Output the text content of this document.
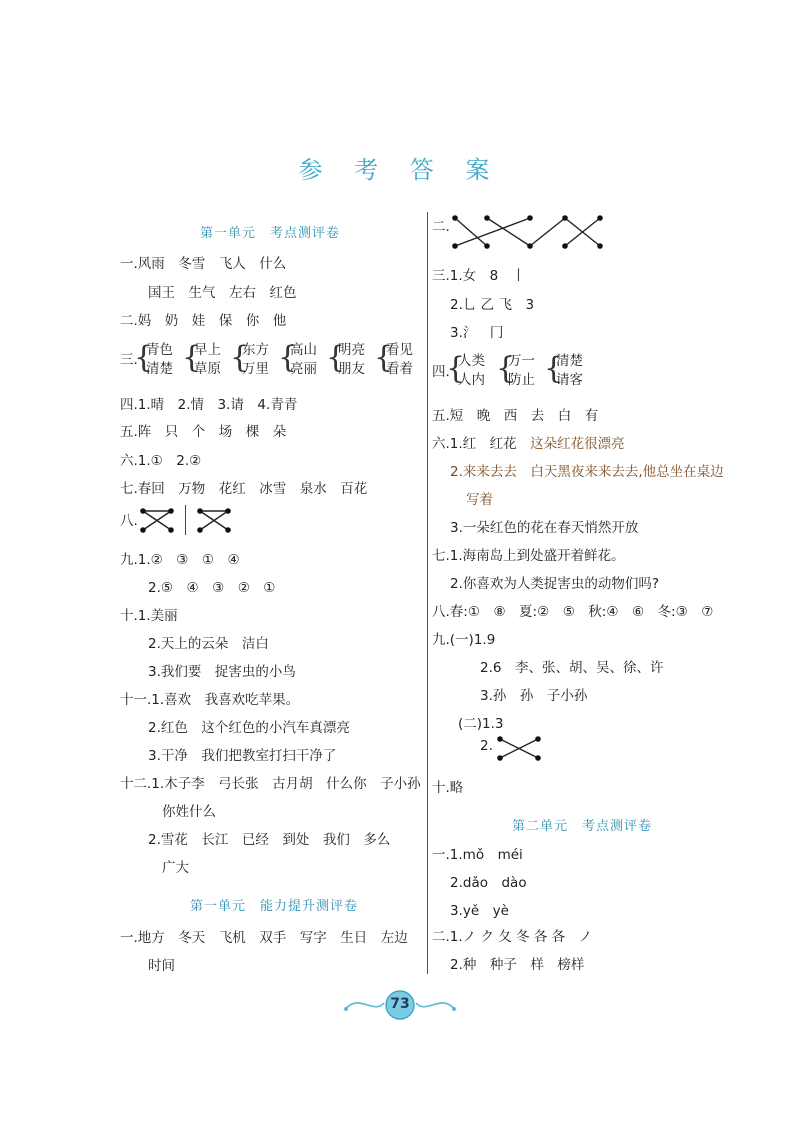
参 考 答 案
第一单元　考点测评卷
一.风雨　冬雪　飞人　什么
国王　生气　左右　红色
二.妈　奶　娃　保　你　他
三.
{
青色
清楚 {
早上
草原 {
东方
万里 {
高山
亮丽 {
明亮
朋友 {
看见
看着
四.1.晴　2.情　3.请　4.青青
五.阵　只　个　场　棵　朵
六.1.①　2.②
七.春回　万物　花红　冰雪　泉水　百花
八.
九.1.②　③　①　④
2.⑤　④　③　②　①
十.1.美丽
2.天上的云朵　洁白
3.我们要　捉害虫的小鸟
十一.1.喜欢　我喜欢吃苹果。
2.红色　这个红色的小汽车真漂亮
3.干净　我们把教室打扫干净了
十二.1.木子李　弓长张　古月胡　什么你　子小孙
你姓什么
2.雪花　长江　已经　到处　我们　多么
广大
第一单元　能力提升测评卷
一.地方　冬天　飞机　双手　写字　生日　左边
时间
二.
三.1.女　8　丨
2.乚 乙 飞　3
3.氵　冂
四.
{
人类
人内 {
万一
防止 {
清楚
请客
五.短　晚　西　去　白　有
六.1.红　红花　 这朵红花很漂亮
2.来来去去　 白天黑夜来来去去,他总坐在桌边
写着
3.一朵红色的花在春天悄然开放
七.1.海南岛上到处盛开着鲜花。
2.你喜欢为人类捉害虫的动物们吗?
八.春:①　⑧　夏:②　⑤　秋:④　⑥　冬:③　⑦
九.(一)1.9
2.6　李、张、胡、吴、徐、许
3.孙　孙　子小孙
(二)1.3
2.
十.略
第二单元　考点测评卷
一.1.mǒ　méi
2.dǎo　dào
3.yě　yè
二.1.ノ ク 夂 冬 各 各　ノ
2.种　种子　样　榜样
73
